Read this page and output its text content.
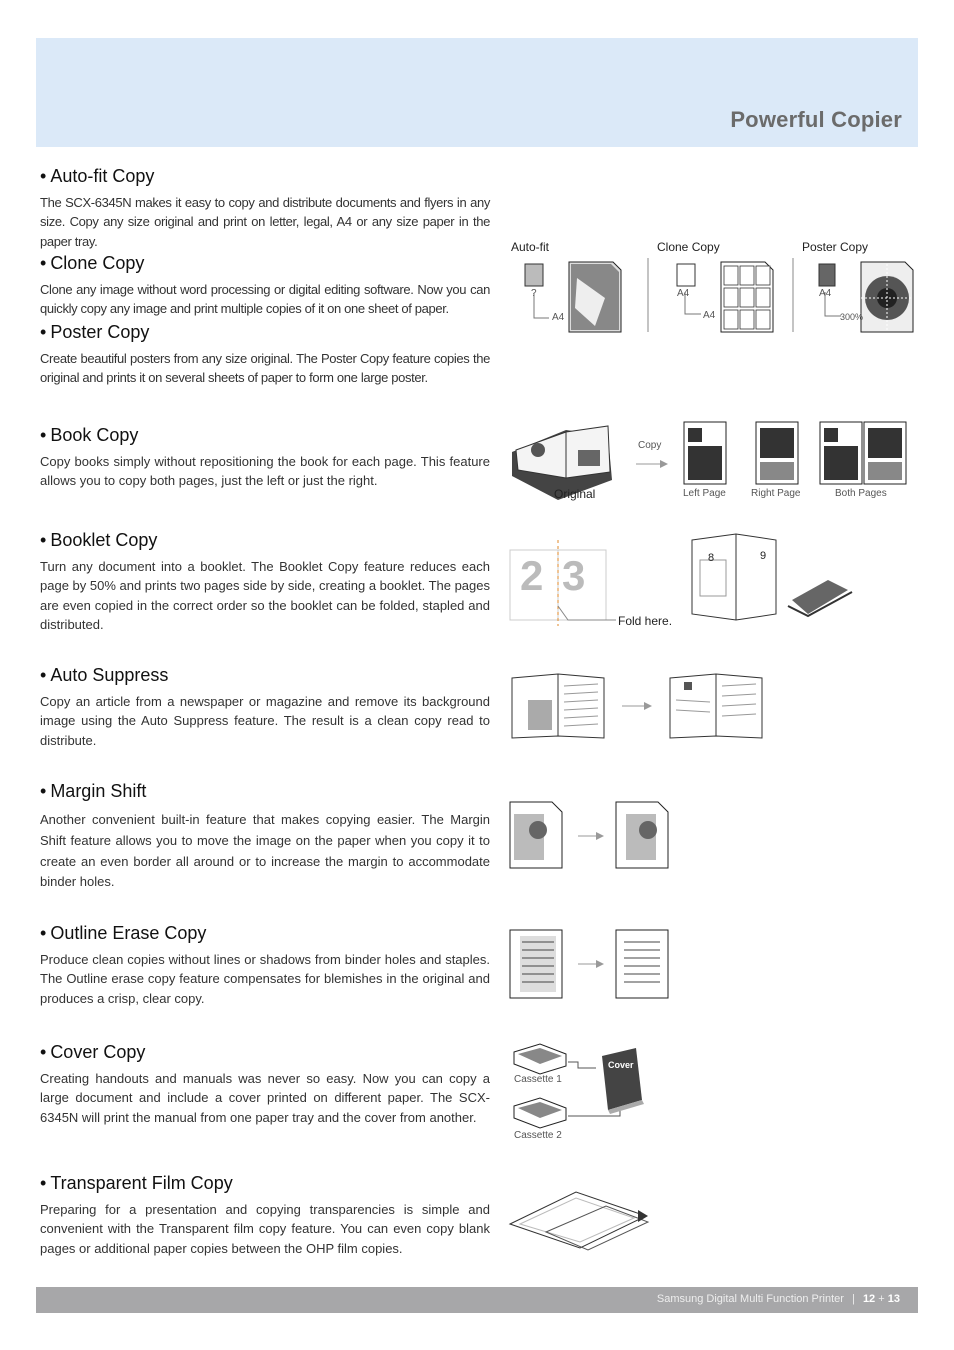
Powerful Copier
• Auto-fit Copy
The SCX-6345N makes it easy to copy and distribute documents and flyers in any size. Copy any size original and print on letter, legal, A4 or any size paper in the paper tray.
• Clone Copy
Clone any image without word processing or digital editing software. Now you can quickly copy any image and print multiple copies of it on one sheet of paper.
• Poster Copy
Create beautiful posters from any size original. The Poster Copy feature copies the original and prints it on several sheets of paper to form one large poster.
• Book Copy
Copy books simply without repositioning the book for each page. This feature allows you to copy both pages, just the left or just the right.
• Booklet Copy
Turn any document into a booklet. The Booklet Copy feature reduces each page by 50% and prints two pages side by side, creating a booklet. The pages are even copied in the correct order so the booklet can be folded, stapled and distributed.
• Auto Suppress
Copy an article from a newspaper or magazine and remove its background image using the Auto Suppress feature. The result is a clean copy read to distribute.
• Margin Shift
Another convenient built-in feature that makes copying easier. The Margin Shift feature allows you to move the image on the paper when you copy it to create an even border all around or to increase the margin to accommodate binder holes.
• Outline Erase Copy
Produce clean copies without lines or shadows from binder holes and staples. The Outline erase copy feature compensates for blemishes in the original and produces a crisp, clear copy.
• Cover Copy
Creating handouts and manuals was never so easy. Now you can copy a large document and include a cover printed on different paper. The SCX-6345N will print the manual from one paper tray and the cover from another.
• Transparent Film Copy
Preparing for a presentation and copying transparencies is simple and convenient with the Transparent film copy feature. You can even copy blank pages or additional paper copies between the OHP film copies.
Auto-fit	Clone Copy	Poster Copy
?
A4
A4
A4
A4
300%
Original
Copy
Left Page	Right Page	Both Pages
2 3	8	9
Fold here.
Cassette 1
Cassette 2
Cover
Samsung Digital Multi Function Printer | 12 + 13
